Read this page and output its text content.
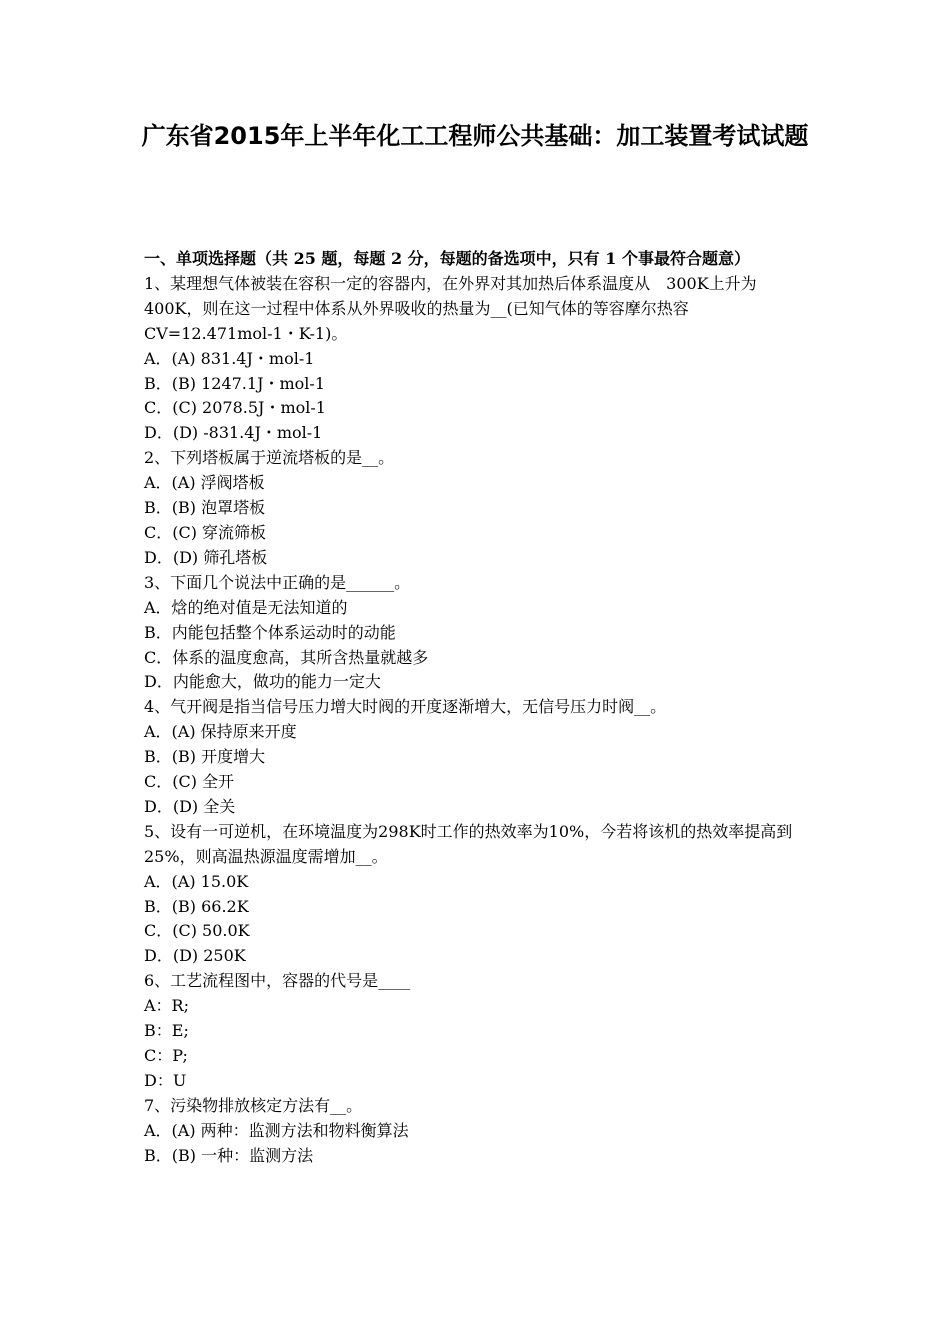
广东省2015年上半年化工工程师公共基础：加工装置考试试题
一、单项选择题（共 25 题，每题 2 分，每题的备选项中，只有 1 个事最符合题意）
1、某理想气体被装在容积一定的容器内，在外界对其加热后体系温度从　300K上升为400K，则在这一过程中体系从外界吸收的热量为__(已知气体的等容摩尔热容CV=12.471mol-1・K-1)。
A．(A) 831.4J・mol-1
B．(B) 1247.1J・mol-1
C．(C) 2078.5J・mol-1
D．(D) -831.4J・mol-1
2、下列塔板属于逆流塔板的是__。
A．(A) 浮阀塔板
B．(B) 泡罩塔板
C．(C) 穿流筛板
D．(D) 筛孔塔板
3、下面几个说法中正确的是______。
A．焓的绝对值是无法知道的
B．内能包括整个体系运动时的动能
C．体系的温度愈高，其所含热量就越多
D．内能愈大，做功的能力一定大
4、气开阀是指当信号压力增大时阀的开度逐渐增大，无信号压力时阀__。
A．(A) 保持原来开度
B．(B) 开度增大
C．(C) 全开
D．(D) 全关
5、设有一可逆机，在环境温度为298K时工作的热效率为10%，今若将该机的热效率提高到25%，则高温热源温度需增加__。
A．(A) 15.0K
B．(B) 66.2K
C．(C) 50.0K
D．(D) 250K
6、工艺流程图中，容器的代号是____
A：R;
B：E;
C：P;
D：U
7、污染物排放核定方法有__。
A．(A) 两种：监测方法和物料衡算法
B．(B) 一种：监测方法
